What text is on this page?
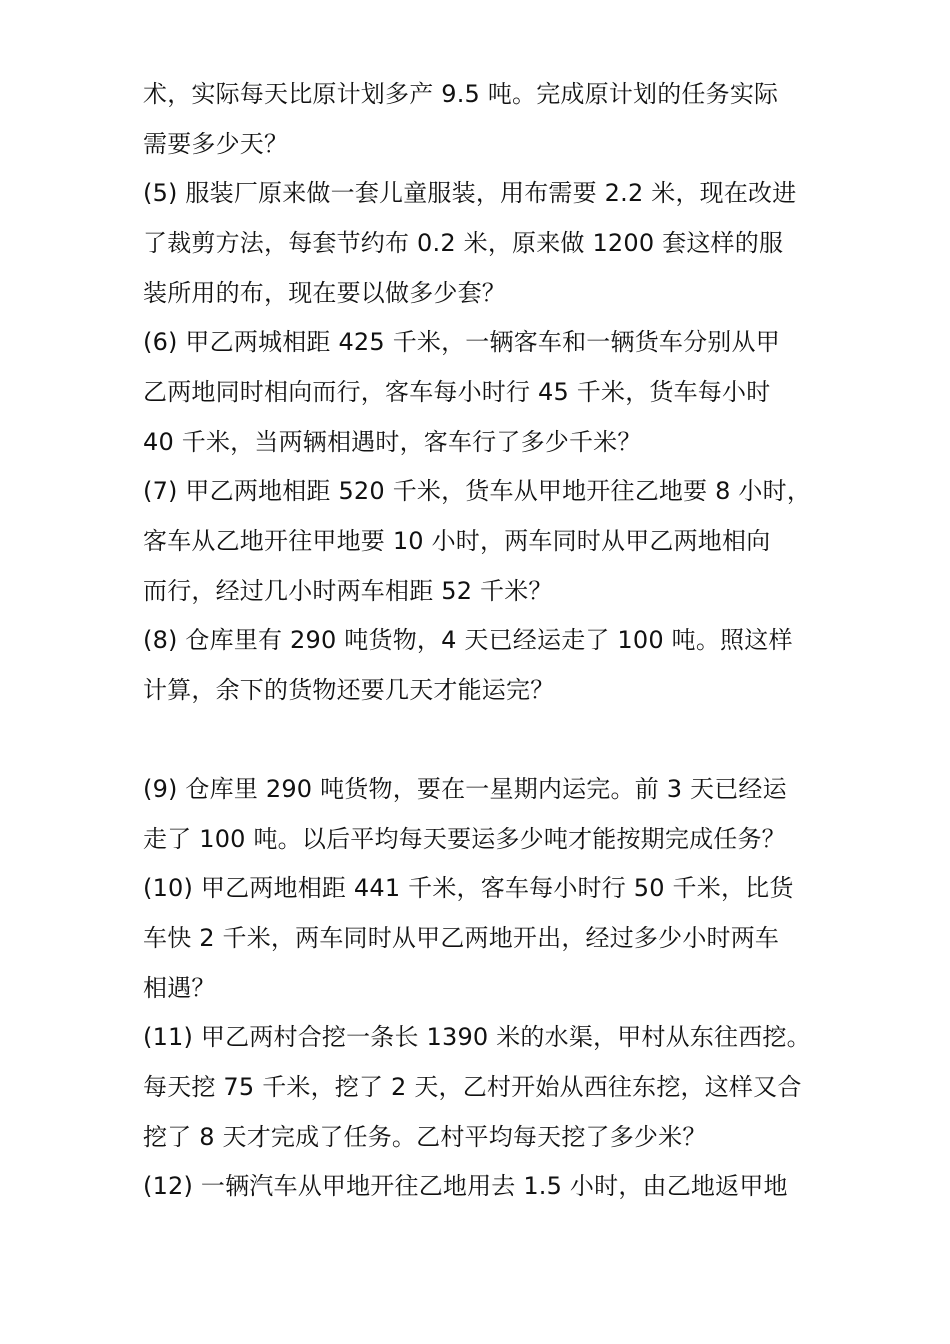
术，实际每天比原计划多产 9.5 吨。完成原计划的任务实际
需要多少天？
(5) 服装厂原来做一套儿童服装，用布需要 2.2 米，现在改进
了裁剪方法，每套节约布 0.2 米，原来做 1200 套这样的服
装所用的布，现在要以做多少套？
(6) 甲乙两城相距 425 千米，一辆客车和一辆货车分别从甲
乙两地同时相向而行，客车每小时行 45 千米，货车每小时
40 千米，当两辆相遇时，客车行了多少千米？
(7) 甲乙两地相距 520 千米，货车从甲地开往乙地要 8 小时，
客车从乙地开往甲地要 10 小时，两车同时从甲乙两地相向
而行，经过几小时两车相距 52 千米？
(8) 仓库里有 290 吨货物，4 天已经运走了 100 吨。照这样
计算，余下的货物还要几天才能运完？
(9) 仓库里 290 吨货物，要在一星期内运完。前 3 天已经运
走了 100 吨。以后平均每天要运多少吨才能按期完成任务？
(10) 甲乙两地相距 441 千米，客车每小时行 50 千米，比货
车快 2 千米，两车同时从甲乙两地开出，经过多少小时两车
相遇？
(11) 甲乙两村合挖一条长 1390 米的水渠，甲村从东往西挖。
每天挖 75 千米，挖了 2 天，乙村开始从西往东挖，这样又合
挖了 8 天才完成了任务。乙村平均每天挖了多少米？
(12) 一辆汽车从甲地开往乙地用去 1.5 小时，由乙地返甲地
